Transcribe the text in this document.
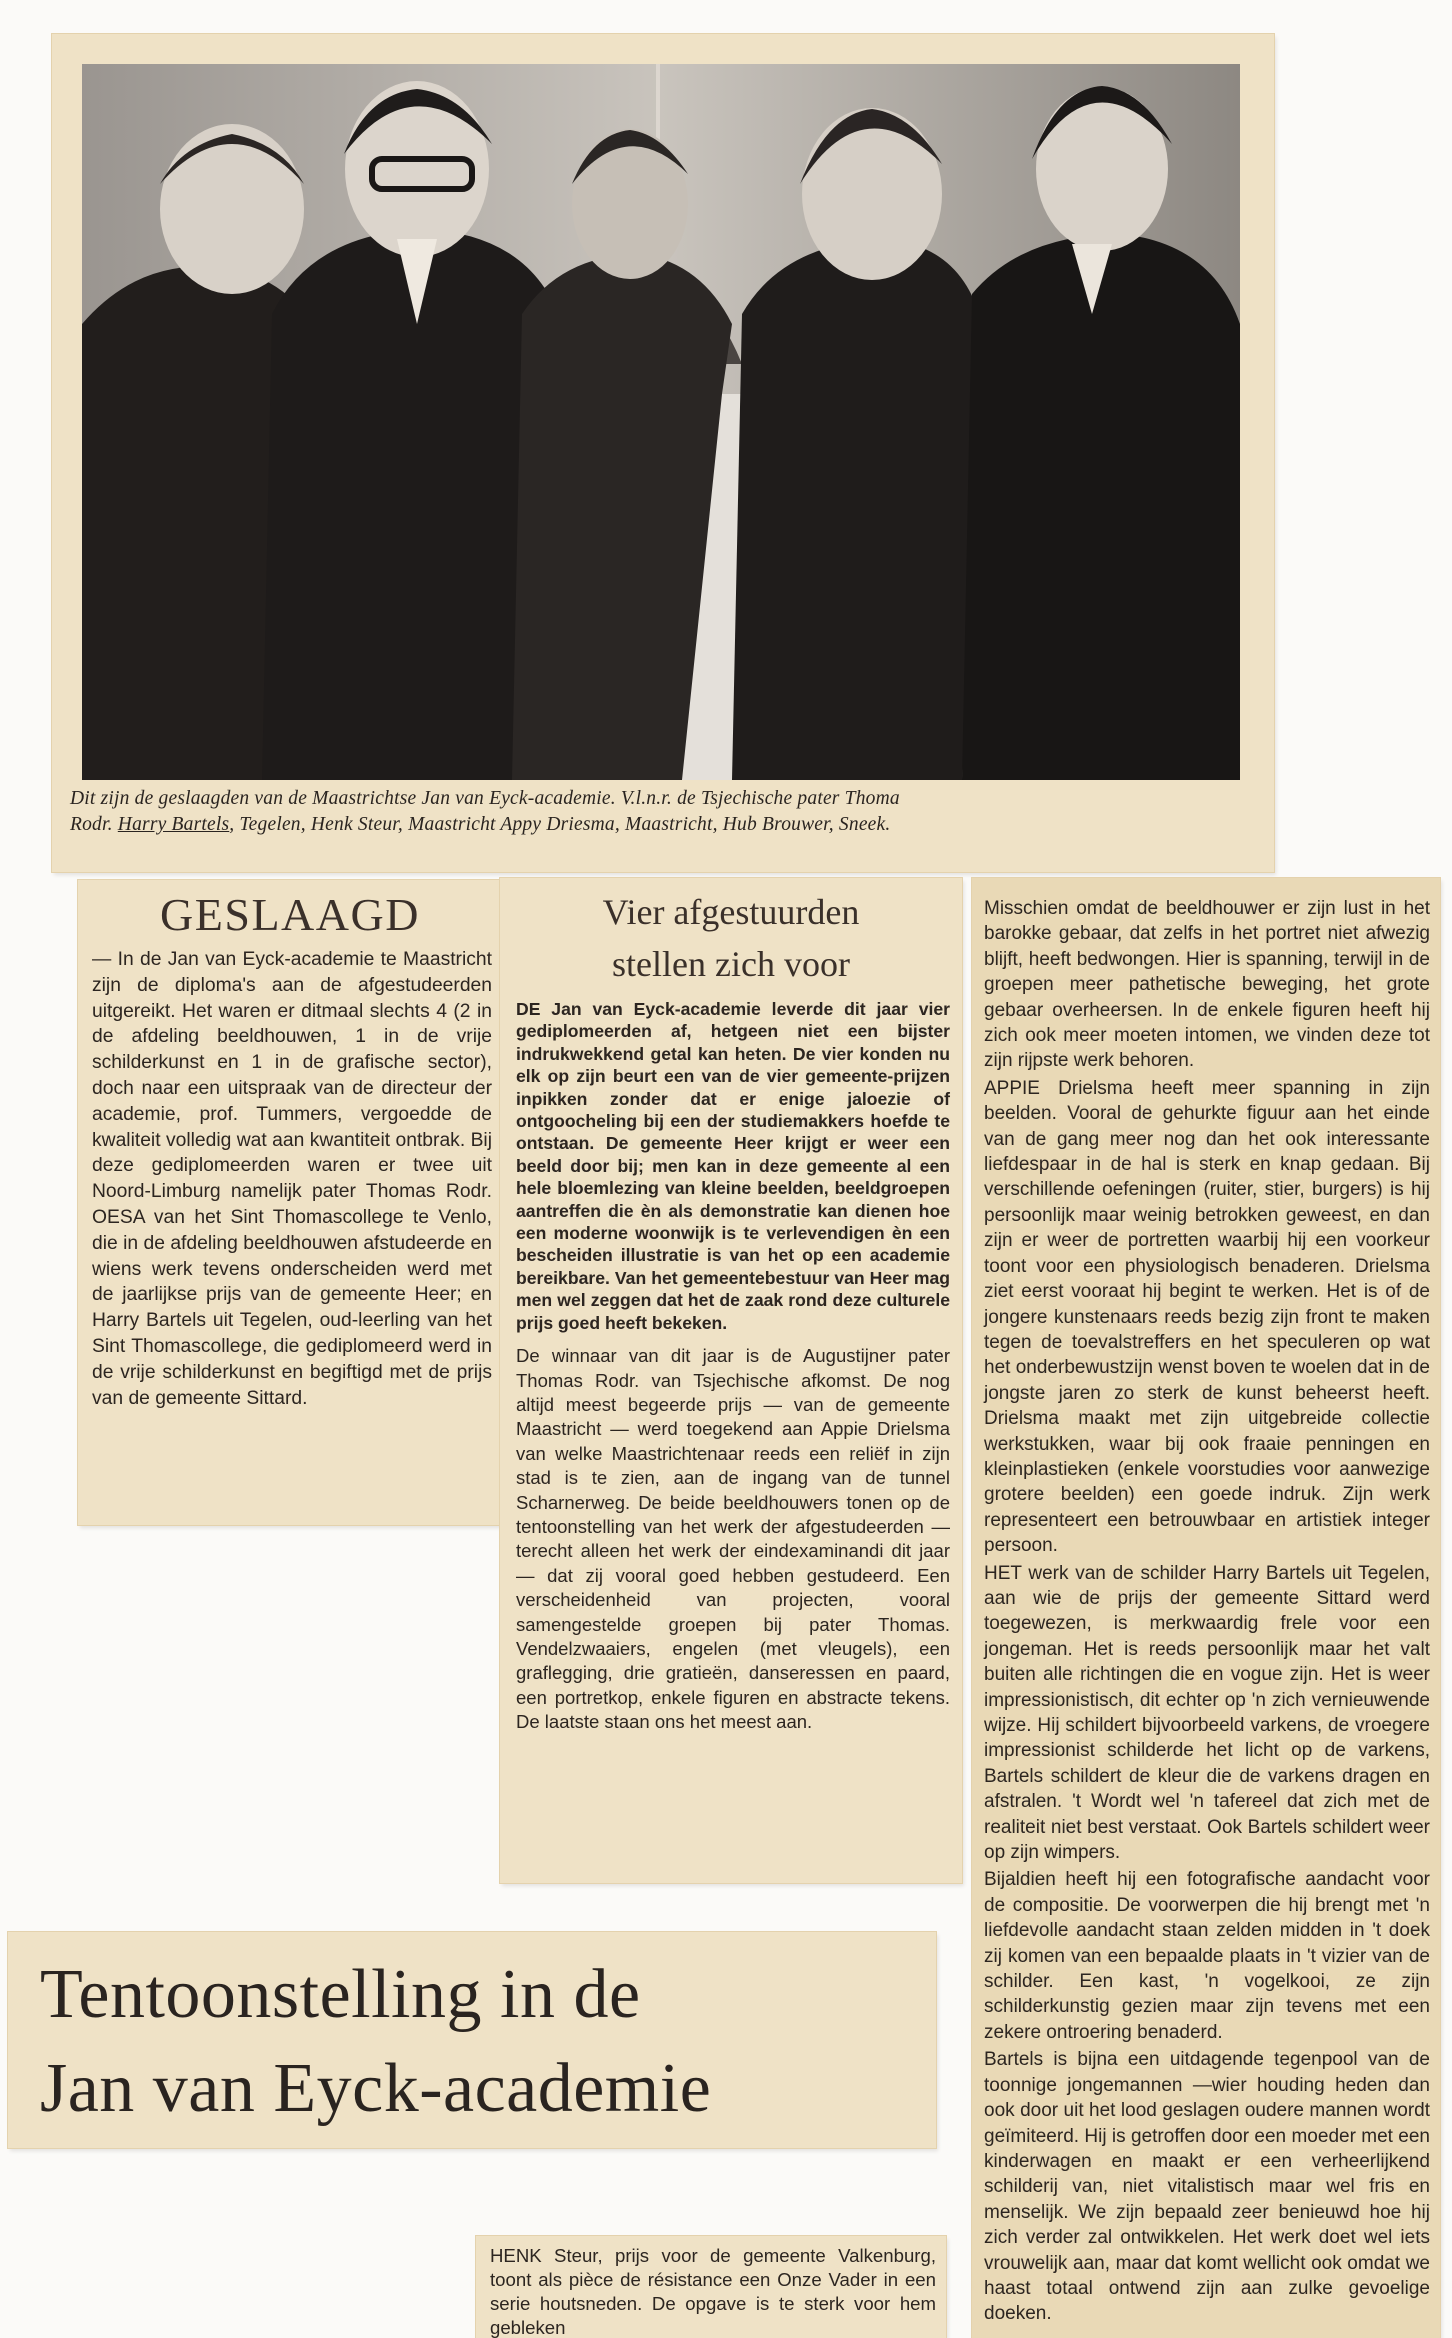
Dit zijn de geslaagden van de Maastrichtse Jan van Eyck-academie. V.l.n.r. de Tsjechische pater Thoma
Rodr. Harry Bartels, Tegelen, Henk Steur, Maastricht Appy Driesma, Maastricht, Hub Brouwer, Sneek.
GESLAAGD
— In de Jan van Eyck-academie te Maastricht zijn de diploma's aan de afgestudeerden uitgereikt. Het waren er ditmaal slechts 4 (2 in de afdeling beeldhouwen, 1 in de vrije schilderkunst en 1 in de grafische sector), doch naar een uitspraak van de directeur der academie, prof. Tummers, vergoedde de kwaliteit volledig wat aan kwantiteit ontbrak. Bij deze gediplomeerden waren er twee uit Noord-Limburg namelijk pater Thomas Rodr. OESA van het Sint Thomascollege te Venlo, die in de afdeling beeldhouwen afstudeerde en wiens werk tevens onderscheiden werd met de jaarlijkse prijs van de gemeente Heer; en Harry Bartels uit Tegelen, oud-leerling van het Sint Thomascollege, die gediplomeerd werd in de vrije schilderkunst en begiftigd met de prijs van de gemeente Sittard.
Vier afgestuurden
stellen zich voor
DE Jan van Eyck-academie leverde dit jaar vier gediplomeerden af, hetgeen niet een bijster indrukwekkend getal kan heten. De vier konden nu elk op zijn beurt een van de vier gemeente-prijzen inpikken zonder dat er enige jaloezie of ontgoocheling bij een der studiemakkers hoefde te ontstaan. De gemeente Heer krijgt er weer een beeld door bij; men kan in deze gemeente al een hele bloemlezing van kleine beelden, beeldgroepen aantreffen die èn als demonstratie kan dienen hoe een moderne woonwijk is te verlevendigen èn een bescheiden illustratie is van het op een academie bereikbare. Van het gemeentebestuur van Heer mag men wel zeggen dat het de zaak rond deze culturele prijs goed heeft bekeken.
De winnaar van dit jaar is de Augustijner pater Thomas Rodr. van Tsjechische afkomst. De nog altijd meest begeerde prijs — van de gemeente Maastricht — werd toegekend aan Appie Drielsma van welke Maastrichtenaar reeds een reliëf in zijn stad is te zien, aan de ingang van de tunnel Scharnerweg. De beide beeldhouwers tonen op de tentoonstelling van het werk der afgestudeerden — terecht alleen het werk der eindexaminandi dit jaar — dat zij vooral goed hebben gestudeerd. Een verscheidenheid van projecten, vooral samengestelde groepen bij pater Thomas. Vendelzwaaiers, engelen (met vleugels), een graflegging, drie gratieën, danseressen en paard, een portretkop, enkele figuren en abstracte tekens. De laatste staan ons het meest aan.

Misschien omdat de beeldhouwer er zijn lust in het barokke gebaar, dat zelfs in het portret niet afwezig blijft, heeft bedwongen. Hier is spanning, terwijl in de groepen meer pathetische beweging, het grote gebaar overheersen. In de enkele figuren heeft hij zich ook meer moeten intomen, we vinden deze tot zijn rijpste werk behoren.

APPIE Drielsma heeft meer spanning in zijn beelden. Vooral de gehurkte figuur aan het einde van de gang meer nog dan het ook interessante liefdespaar in de hal is sterk en knap gedaan. Bij verschillende oefeningen (ruiter, stier, burgers) is hij persoonlijk maar weinig betrokken geweest, en dan zijn er weer de portretten waarbij hij een voorkeur toont voor een physiologisch benaderen. Drielsma ziet eerst vooraat hij begint te werken. Het is of de jongere kunstenaars reeds bezig zijn front te maken tegen de toevalstreffers en het speculeren op wat het onderbewustzijn wenst boven te woelen dat in de jongste jaren zo sterk de kunst beheerst heeft. Drielsma maakt met zijn uitgebreide collectie werkstukken, waar bij ook fraaie penningen en kleinplastieken (enkele voorstudies voor aanwezige grotere beelden) een goede indruk. Zijn werk representeert een betrouwbaar en artistiek integer persoon.

HET werk van de schilder Harry Bartels uit Tegelen, aan wie de prijs der gemeente Sittard werd toegewezen, is merkwaardig frele voor een jongeman. Het is reeds persoonlijk maar het valt buiten alle richtingen die en vogue zijn. Het is weer impressionistisch, dit echter op 'n zich vernieuwende wijze. Hij schildert bijvoorbeeld varkens, de vroegere impressionist schilderde het licht op de varkens, Bartels schildert de kleur die de varkens dragen en afstralen. 't Wordt wel 'n tafereel dat zich met de realiteit niet best verstaat. Ook Bartels schildert weer op zijn wimpers.

Bijaldien heeft hij een fotografische aandacht voor de compositie. De voorwerpen die hij brengt met 'n liefdevolle aandacht staan zelden midden in 't doek zij komen van een bepaalde plaats in 't vizier van de schilder. Een kast, 'n vogelkooi, ze zijn schilderkunstig gezien maar zijn tevens met een zekere ontroering benaderd.

Bartels is bijna een uitdagende tegenpool van de toonnige jongemannen —wier houding heden dan ook door uit het lood geslagen oudere mannen wordt geïmiteerd. Hij is getroffen door een moeder met een kinderwagen en maakt er een verheerlijkend schilderij van, niet vitalistisch maar wel fris en menselijk. We zijn bepaald zeer benieuwd hoe hij zich verder zal ontwikkelen. Het werk doet wel iets vrouwelijk aan, maar dat komt wellicht ook omdat we haast totaal ontwend zijn aan zulke gevoelige doeken.

Tentoonstelling in de
Jan van Eyck-academie
HENK Steur, prijs voor de gemeente Valkenburg, toont als pièce de résistance een Onze Vader in een serie houtsneden. De opgave is te sterk voor hem gebleken
